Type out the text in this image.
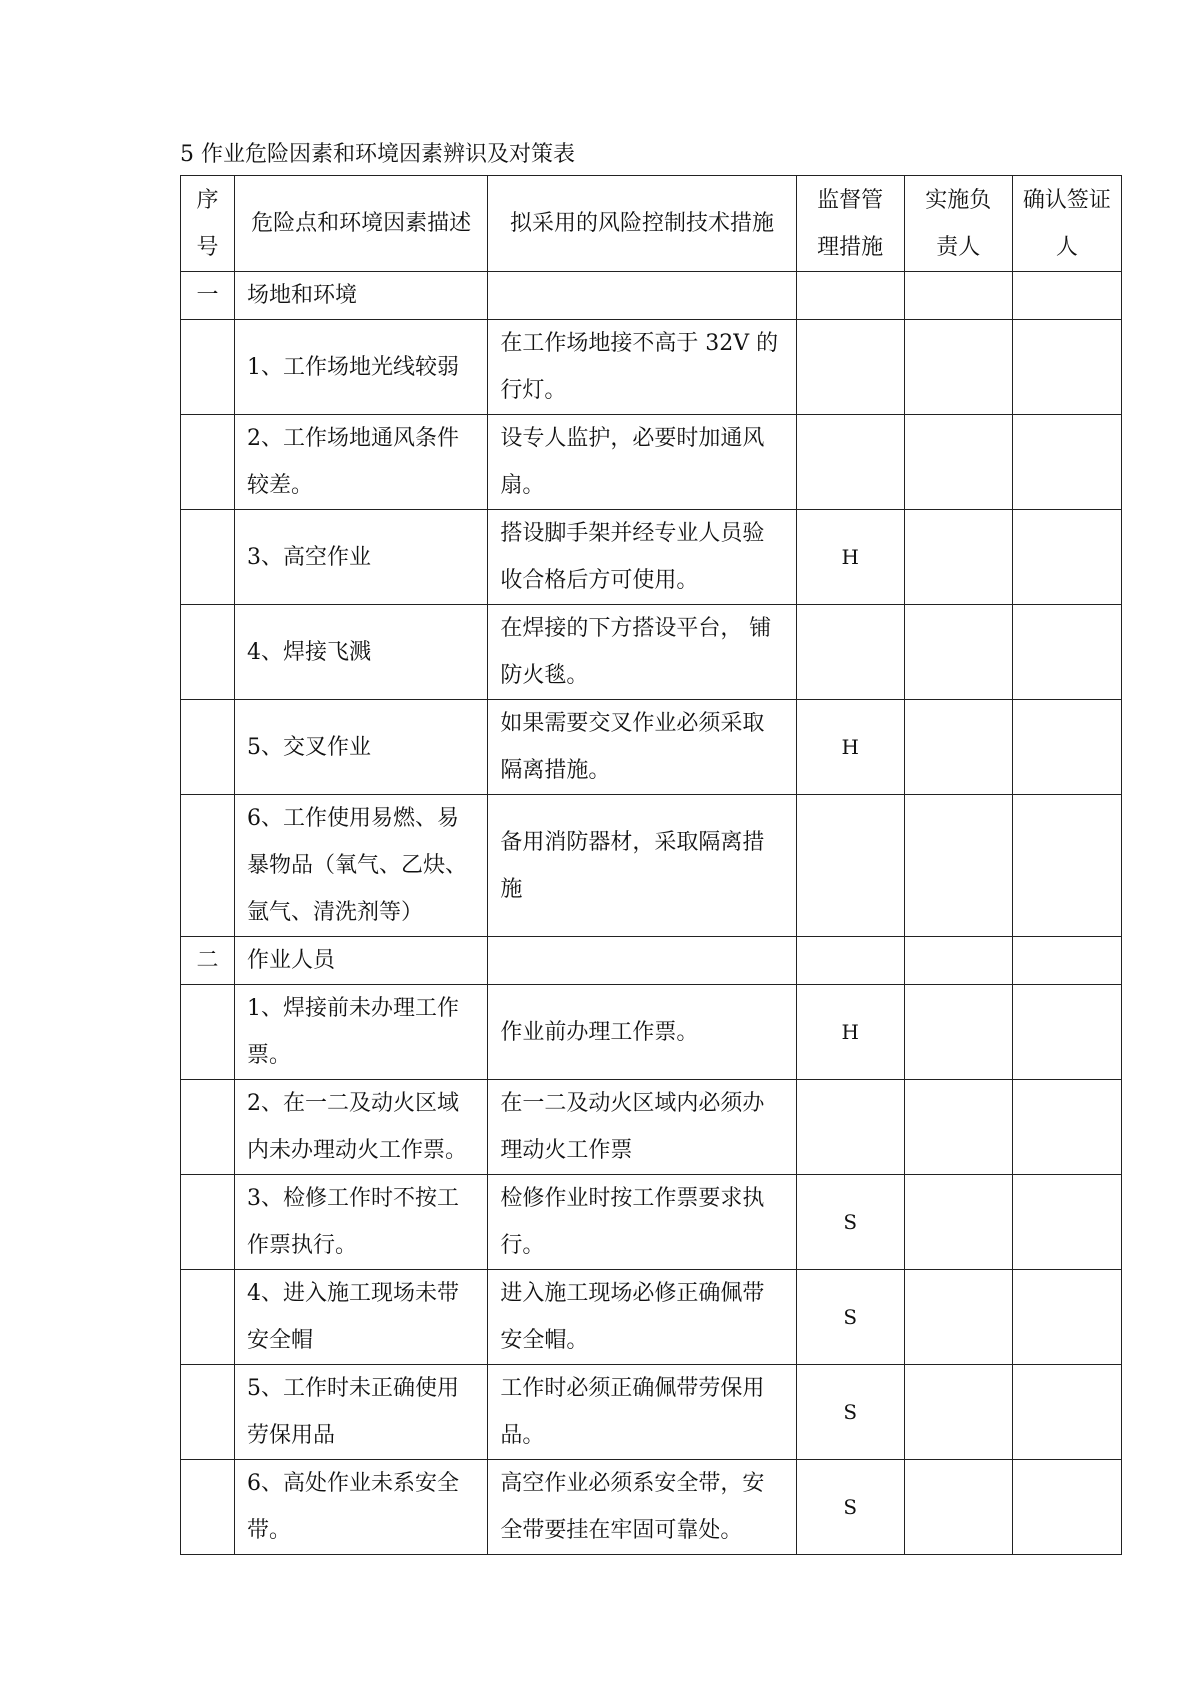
5 作业危险因素和环境因素辨识及对策表
序号	危险点和环境因素描述	拟采用的风险控制技术措施	监督管理措施	实施负责人	确认签证人
一	场地和环境				
	1、工作场地光线较弱	在工作场地接不高于 32V 的行灯。			
	2、工作场地通风条件较差。	设专人监护，必要时加通风扇。			
	3、高空作业	搭设脚手架并经专业人员验收合格后方可使用。	H		
	4、焊接飞溅	在焊接的下方搭设平台， 铺防火毯。			
	5、交叉作业	如果需要交叉作业必须采取隔离措施。	H		
	6、工作使用易燃、易暴物品（氧气、乙炔、氩气、清洗剂等）	备用消防器材，采取隔离措施			
二	作业人员				
	1、焊接前未办理工作票。	作业前办理工作票。	H		
	2、在一二及动火区域内未办理动火工作票。	在一二及动火区域内必须办理动火工作票			
	3、检修工作时不按工作票执行。	检修作业时按工作票要求执行。	S		
	4、进入施工现场未带安全帽	进入施工现场必修正确佩带安全帽。	S		
	5、工作时未正确使用劳保用品	工作时必须正确佩带劳保用品。	S		
	6、高处作业未系安全带。	高空作业必须系安全带，安全带要挂在牢固可靠处。	S		
